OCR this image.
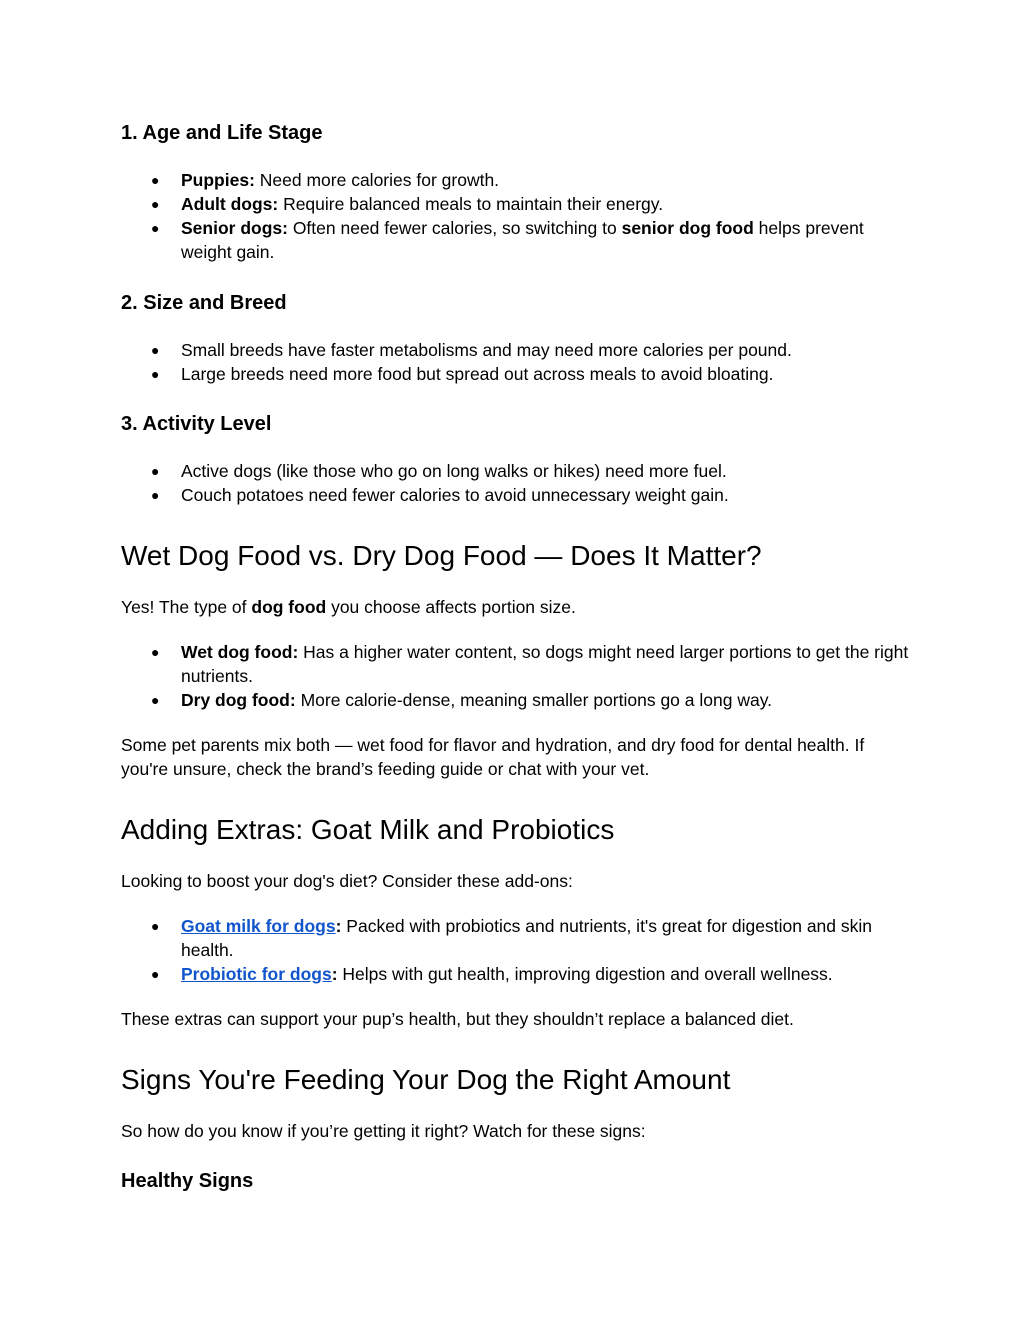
1. Age and Life Stage
●	Puppies: Need more calories for growth.
●	Adult dogs: Require balanced meals to maintain their energy.
●	Senior dogs: Often need fewer calories, so switching to senior dog food helps prevent weight gain.
2. Size and Breed
●	Small breeds have faster metabolisms and may need more calories per pound.
●	Large breeds need more food but spread out across meals to avoid bloating.
3. Activity Level
●	Active dogs (like those who go on long walks or hikes) need more fuel.
●	Couch potatoes need fewer calories to avoid unnecessary weight gain.
Wet Dog Food vs. Dry Dog Food — Does It Matter?

Yes! The type of dog food you choose affects portion size.

●	Wet dog food: Has a higher water content, so dogs might need larger portions to get the right nutrients.
●	Dry dog food: More calorie-dense, meaning smaller portions go a long way.

Some pet parents mix both — wet food for flavor and hydration, and dry food for dental health. If you're unsure, check the brand’s feeding guide or chat with your vet.

Adding Extras: Goat Milk and Probiotics

Looking to boost your dog's diet? Consider these add-ons:

●	Goat milk for dogs: Packed with probiotics and nutrients, it's great for digestion and skin health.
●	Probiotic for dogs: Helps with gut health, improving digestion and overall wellness.

These extras can support your pup’s health, but they shouldn’t replace a balanced diet.

Signs You're Feeding Your Dog the Right Amount

So how do you know if you’re getting it right? Watch for these signs:

Healthy Signs
